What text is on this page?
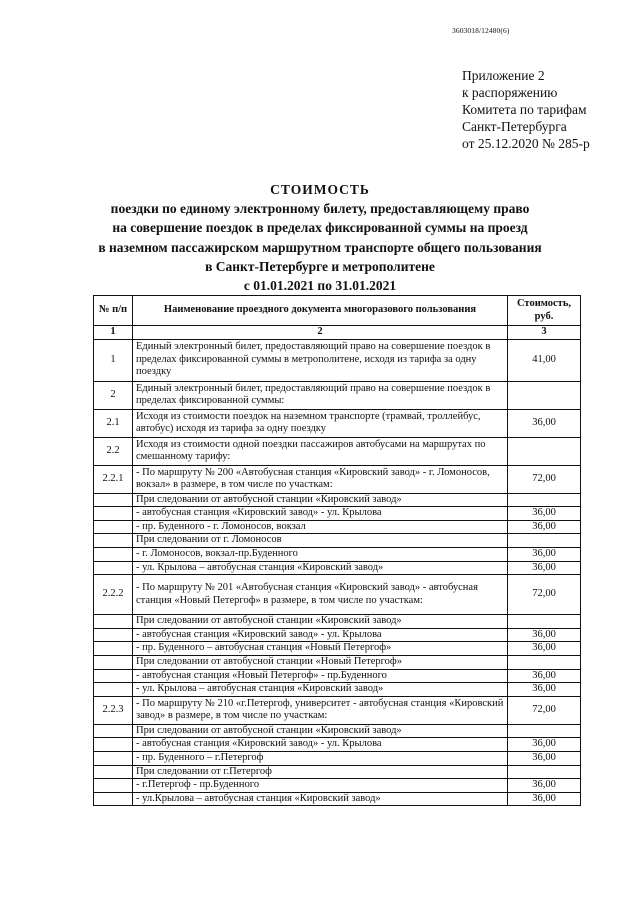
3603018/12480(6)
Приложение 2
к распоряжению
Комитета по тарифам
Санкт-Петербурга
от 25.12.2020 № 285-р
СТОИМОСТЬ
поездки по единому электронному билету, предоставляющему право
на совершение поездок в пределах фиксированной суммы на проезд
в наземном пассажирском маршрутном транспорте общего пользования
в Санкт-Петербурге и метрополитене
с 01.01.2021 по 31.01.2021
№ п/п	Наименование проездного документа многоразового пользования	Стоимость, руб.
1	2	3
1	Единый электронный билет, предоставляющий право на совершение поездок в пределах фиксированной суммы в метрополитене, исходя из тарифа за одну поездку	41,00
2	Единый электронный билет, предоставляющий право на совершение поездок в пределах фиксированной суммы:	
2.1	Исходя из стоимости поездок на наземном транспорте (трамвай, троллейбус, автобус) исходя из тарифа за одну поездку	36,00
2.2	Исходя из стоимости одной поездки пассажиров автобусами на маршрутах по смешанному тарифу:	
2.2.1	- По маршруту № 200 «Автобусная станция «Кировский завод» - г. Ломоносов, вокзал» в размере, в том числе по участкам:	72,00
	При следовании от автобусной станции «Кировский завод»	
	- автобусная станция «Кировский завод» - ул. Крылова	36,00
	- пр. Буденного - г. Ломоносов, вокзал	36,00
	При следовании от г. Ломоносов	
	- г. Ломоносов, вокзал-пр.Буденного	36,00
	- ул. Крылова – автобусная станция «Кировский завод»	36,00
2.2.2	- По маршруту № 201 «Автобусная станция «Кировский завод» - автобусная станция «Новый Петергоф» в размере, в том числе по участкам:	72,00
	При следовании от автобусной станции «Кировский завод»	
	- автобусная станция «Кировский завод» - ул. Крылова	36,00
	- пр. Буденного – автобусная станция «Новый Петергоф»	36,00
	При следовании от автобусной станции «Новый Петергоф»	
	- автобусная станция «Новый Петергоф» - пр.Буденного	36,00
	- ул. Крылова – автобусная станция «Кировский завод»	36,00
2.2.3	- По маршруту № 210 «г.Петергоф, университет - автобусная станция «Кировский завод» в размере, в том числе по участкам:	72,00
	При следовании от автобусной станции «Кировский завод»	
	- автобусная станция «Кировский завод» - ул. Крылова	36,00
	- пр. Буденного – г.Петергоф	36,00
	При следовании от г.Петергоф	
	- г.Петергоф - пр.Буденного	36,00
	- ул.Крылова – автобусная станция «Кировский завод»	36,00
